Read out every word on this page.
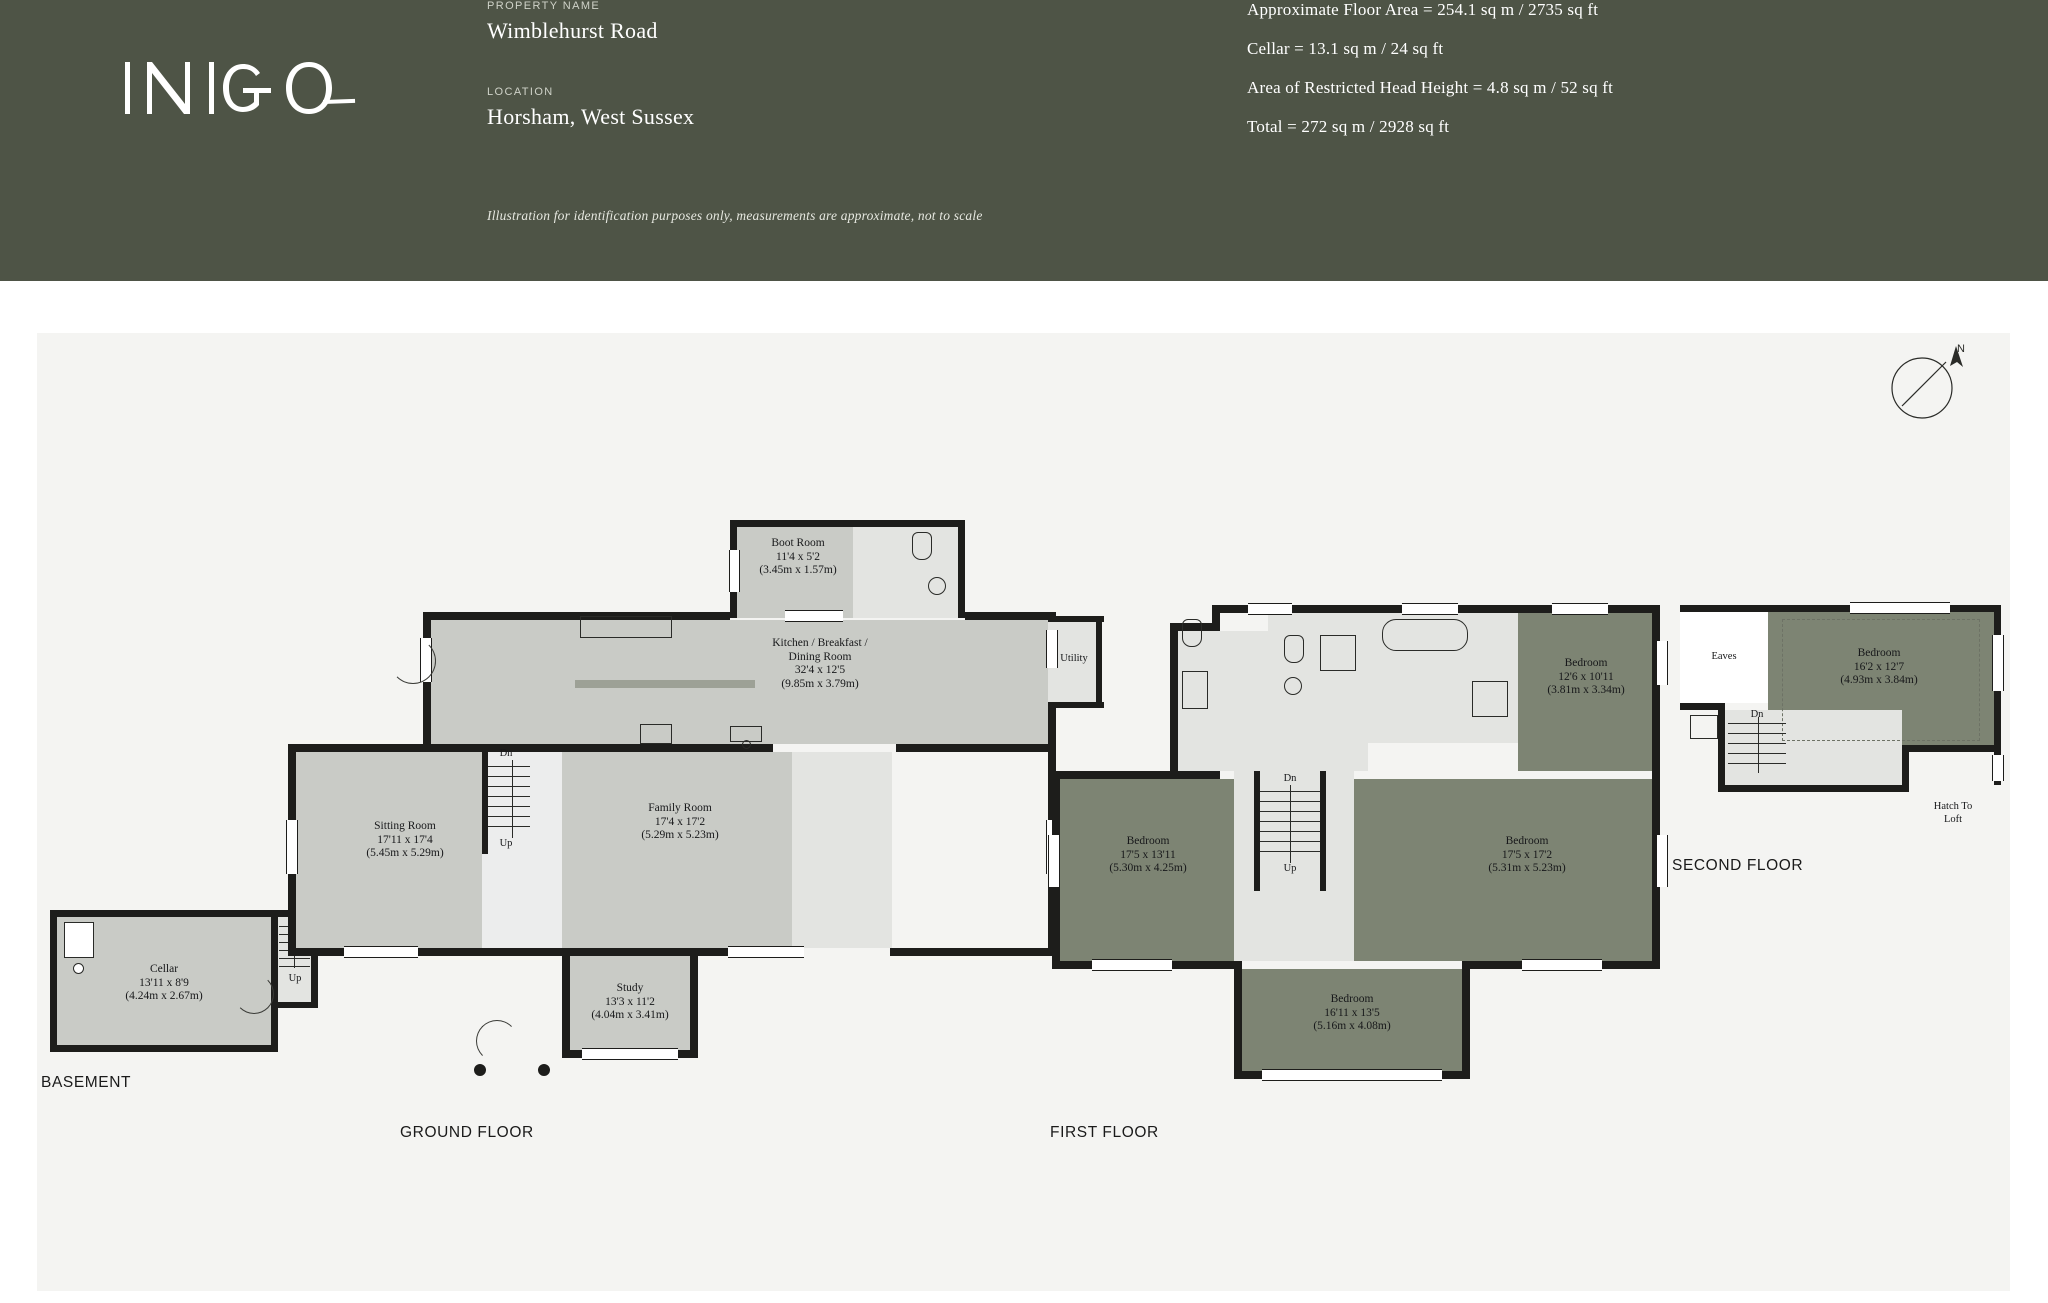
PROPERTY NAME
Wimblehurst Road
LOCATION
Horsham, West Sussex
Illustration for identification purposes only, measurements are approximate, not to scale
Approximate Floor Area = 254.1 sq m / 2735 sq ft
Cellar = 13.1 sq m / 24 sq ft
Area of Restricted Head Height = 4.8 sq m / 52 sq ft
Total = 272 sq m / 2928 sq ft
N
Cellar
13'11 x 8'9
(4.24m x 2.67m)
Up
BASEMENT
Boot Room
11'4 x 5'2
(3.45m x 1.57m)
Utility
Kitchen / Breakfast /
Dining Room
32'4 x 12'5
(9.85m x 3.79m)
Sitting Room
17'11 x 17'4
(5.45m x 5.29m)
Family Room
17'4 x 17'2
(5.29m x 5.23m)
Dn
Up
Study
13'3 x 11'2
(4.04m x 3.41m)
GROUND FLOOR
Bedroom
12'6 x 10'11
(3.81m x 3.34m)
Bedroom
17'5 x 13'11
(5.30m x 4.25m)
Bedroom
17'5 x 17'2
(5.31m x 5.23m)
Dn
Up
Bedroom
16'11 x 13'5
(5.16m x 4.08m)
FIRST FLOOR
Eaves	Bedroom
16'2 x 12'7
(4.93m x 3.84m)
Dn
Hatch To
Loft
SECOND FLOOR
